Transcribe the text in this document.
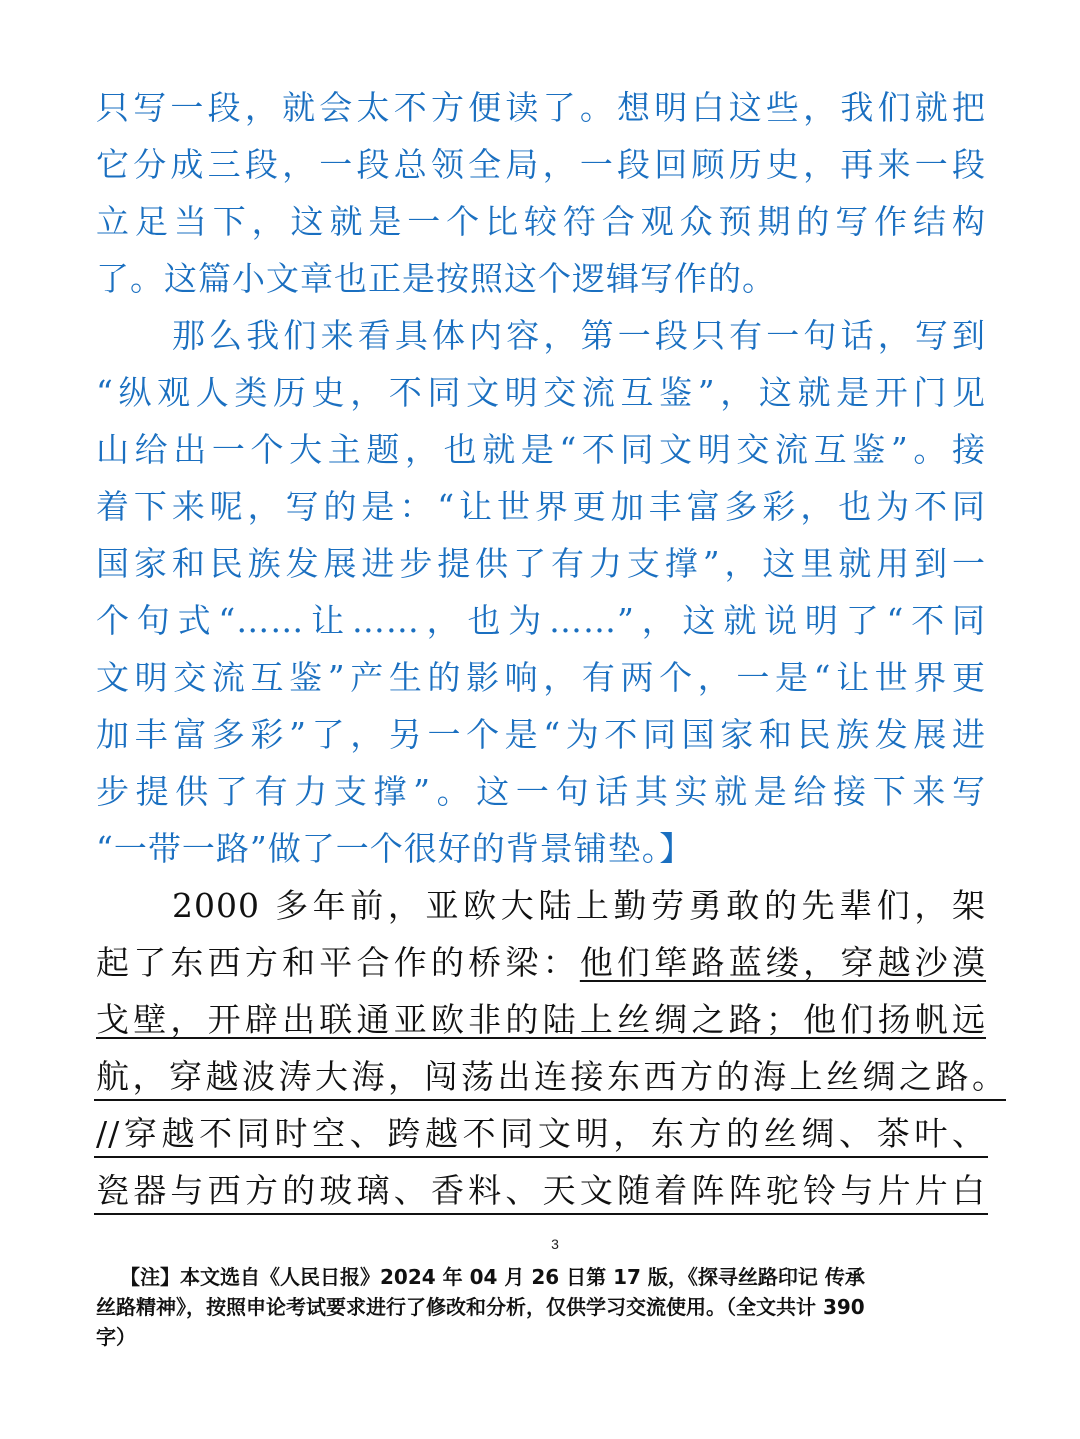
只写一段，就会太不方便读了。想明白这些，我们就把
它分成三段，一段总领全局，一段回顾历史，再来一段
立足当下，这就是一个比较符合观众预期的写作结构
了。这篇小文章也正是按照这个逻辑写作的。
那么我们来看具体内容，第一段只有一句话，写到
“纵观人类历史，不同文明交流互鉴”，这就是开门见
山给出一个大主题，也就是“不同文明交流互鉴”。接
着下来呢，写的是：“让世界更加丰富多彩，也为不同
国家和民族发展进步提供了有力支撑”，这里就用到一
个句式“……让……，也为……”，这就说明了“不同
文明交流互鉴”产生的影响，有两个，一是“让世界更
加丰富多彩”了，另一个是“为不同国家和民族发展进
步提供了有力支撑”。这一句话其实就是给接下来写
“一带一路”做了一个很好的背景铺垫。】
2000 多年前，亚欧大陆上勤劳勇敢的先辈们，架
起了东西方和平合作的桥梁：他们筚路蓝缕，穿越沙漠
戈壁，开辟出联通亚欧非的陆上丝绸之路；他们扬帆远
航，穿越波涛大海，闯荡出连接东西方的海上丝绸之路。
//穿越不同时空、跨越不同文明，东方的丝绸、茶叶、
瓷器与西方的玻璃、香料、天文随着阵阵驼铃与片片白
3
【注】本文选自《人民日报》2024 年 04 月 26 日第 17 版，《探寻丝路印记 传承
丝路精神》，按照申论考试要求进行了修改和分析，仅供学习交流使用。（全文共计 390
字）
